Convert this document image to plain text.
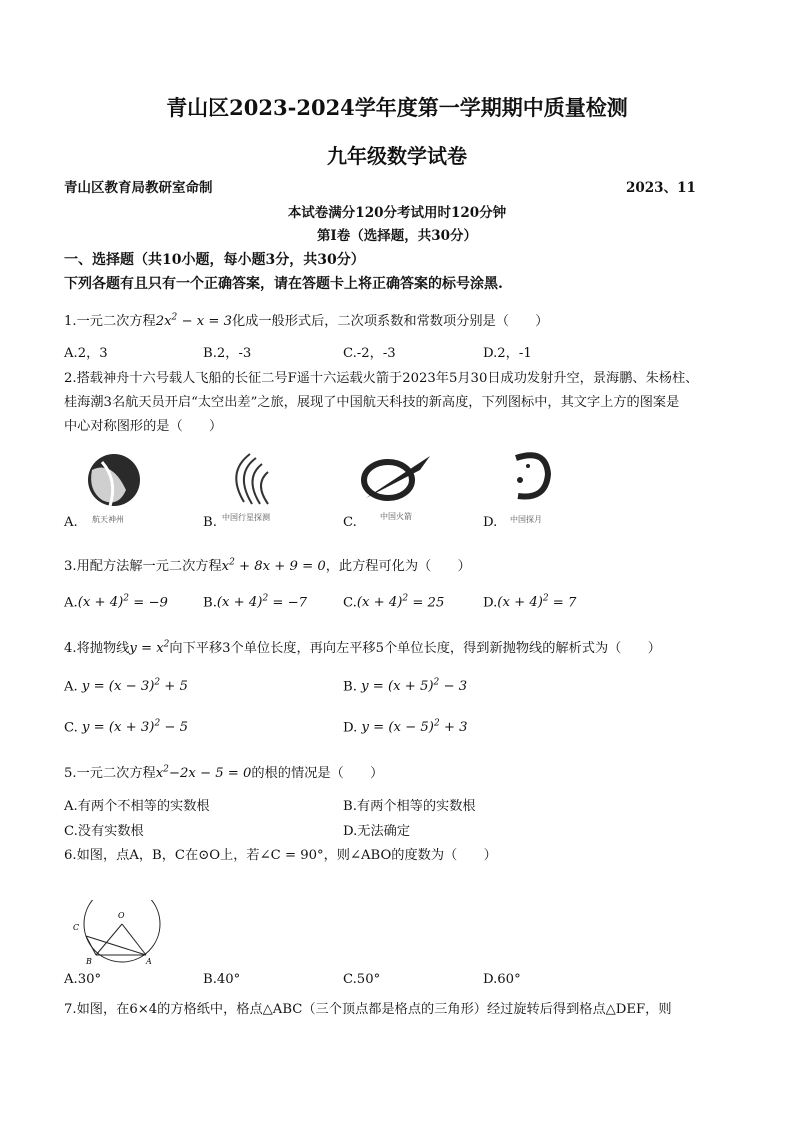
青山区2023-2024学年度第一学期期中质量检测
九年级数学试卷
青山区教育局教研室命制	2023、11
本试卷满分120分考试用时120分钟
第Ⅰ卷（选择题，共30分）
一、选择题（共10小题，每小题3分，共30分）
下列各题有且只有一个正确答案，请在答题卡上将正确答案的标号涂黑.
1.一元二次方程$2x^2 - x = 3$化成一般形式后，二次项系数和常数项分别是（　　）
A.2，3	B.2，-3	C.-2，-3	D.2，-1
2.搭载神舟十六号载人飞船的长征二号F遥十六运载火箭于2023年5月30日成功发射升空，景海鹏、朱杨柱、
桂海潮3名航天员开启“太空出差”之旅，展现了中国航天科技的新高度，下列图标中，其文字上方的图案是
中心对称图形的是（　　）
航天神州	中国行星探测	中国火箭	中国探月
A.	B.	C.	D.
3.用配方法解一元二次方程$x^2 + 8x + 9 = 0$，此方程可化为（　　）
$A.(x + 4)^2 = -9$	$B.(x + 4)^2 = -7$	$C.(x + 4)^2 = 25$	$D.(x + 4)^2 = 7$
4.将抛物线$y = x^2$向下平移3个单位长度，再向左平移5个单位长度，得到新抛物线的解析式为（　　）
A. $y = (x - 3)^2 + 5$	B. $y = (x + 5)^2 - 3$
C. $y = (x + 3)^2 - 5$	D. $y = (x - 5)^2 + 3$
5.一元二次方程$x^2-2x - 5 = 0$的根的情况是（　　）
A.有两个不相等的实数根	B.有两个相等的实数根
C.没有实数根	D.无法确定
6.如图，点A，B，C在⊙O上，若∠C = 90°，则∠ABO的度数为（　　）
O
C
B	A
A.30°	B.40°	C.50°	D.60°
7.如图，在6×4的方格纸中，格点△ABC（三个顶点都是格点的三角形）经过旋转后得到格点△DEF，则
